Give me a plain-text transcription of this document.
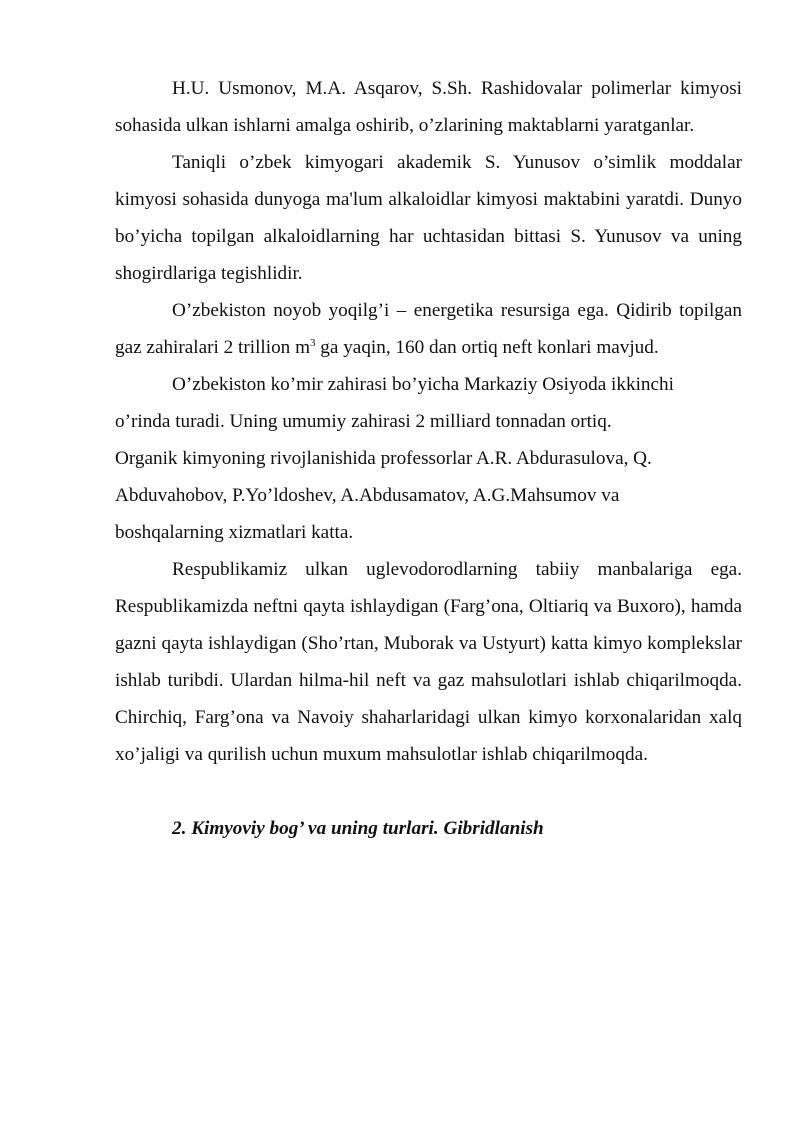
H.U. Usmonov, M.A. Asqarov, S.Sh. Rashidovalar polimerlar kimyosi sohasida ulkan ishlarni amalga oshirib, o’zlarining maktablarni yaratganlar.

Taniqli o’zbek kimyogari akademik S. Yunusov o’simlik moddalar kimyosi sohasida dunyoga ma'lum alkaloidlar kimyosi maktabini yaratdi. Dunyo bo’yicha topilgan alkaloidlarning har uchtasidan bittasi S. Yunusov va uning shogirdlariga tegishlidir.

O’zbekiston noyob yoqilg’i – energetika resursiga ega. Qidirib topilgan gaz zahiralari 2 trillion $m^3$ ga yaqin, 160 dan ortiq neft konlari mavjud.

O’zbekiston ko’mir zahirasi bo’yicha Markaziy Osiyoda ikkinchi
o’rinda turadi. Uning umumiy zahirasi 2 milliard tonnadan ortiq.
Organik kimyoning rivojlanishida professorlar A.R. Abdurasulova, Q.
Abduvahobov, P.Yo’ldoshev, A.Abdusamatov, A.G.Mahsumov va
boshqalarning xizmatlari katta.

Respublikamiz ulkan uglevodorodlarning tabiiy manbalariga ega. Respublikamizda neftni qayta ishlaydigan (Farg’ona, Oltiariq va Buxoro), hamda gazni qayta ishlaydigan (Sho’rtan, Muborak va Ustyurt) katta kimyo komplekslar ishlab turibdi. Ulardan hilma-hil neft va gaz mahsulotlari ishlab chiqarilmoqda. Chirchiq, Farg’ona va Navoiy shaharlaridagi ulkan kimyo korxonalaridan xalq xo’jaligi va qurilish uchun muxum mahsulotlar ishlab chiqarilmoqda.

2. Kimyoviy bog’ va uning turlari. Gibridlanish
